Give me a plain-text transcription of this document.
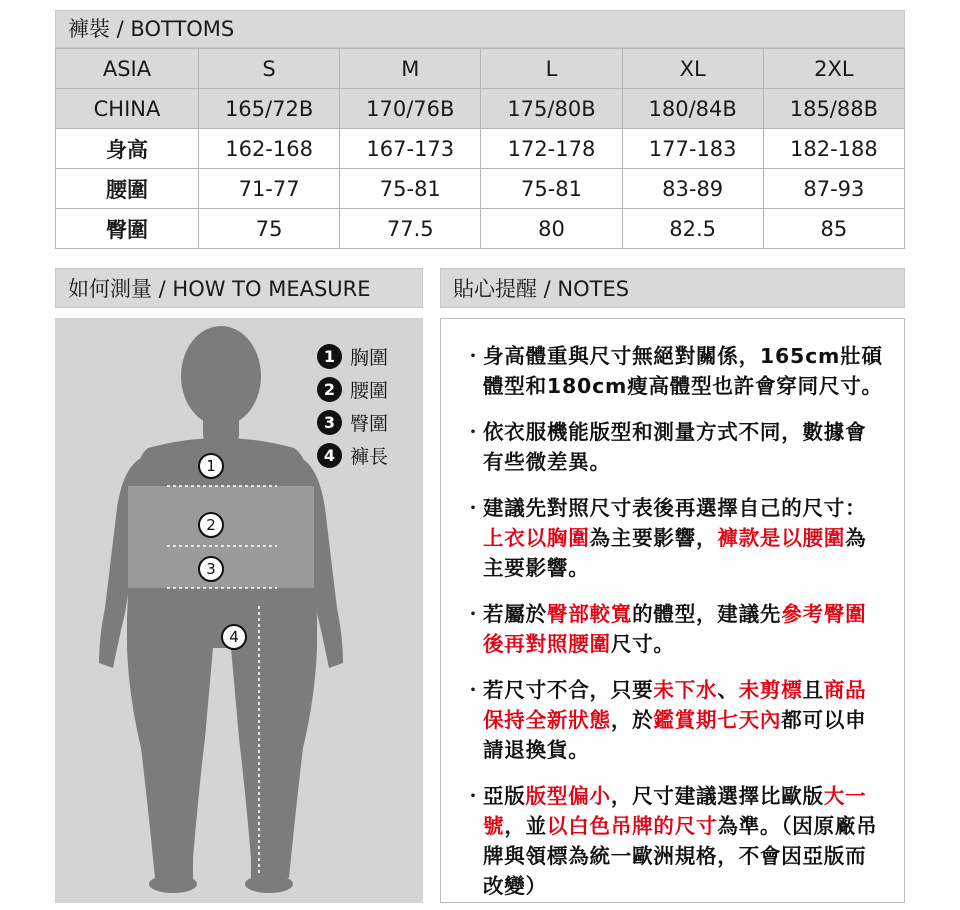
褲裝 / BOTTOMS
ASIA	S	M	L	XL	2XL
CHINA	165/72B	170/76B	175/80B	180/84B	185/88B
身高	162-168	167-173	172-178	177-183	182-188
腰圍	71-77	75-81	75-81	83-89	87-93
臀圍	75	77.5	80	82.5	85
如何測量 / HOW TO MEASURE	貼心提醒 / NOTES
1
2
3
4
1 胸圍
2 腰圍
3 臀圍
4 褲長
・ 身高體重與尺寸無絕對關係，165cm壯碩體型和180cm瘦高體型也許會穿同尺寸。
・ 依衣服機能版型和測量方式不同，數據會有些微差異。
・ 建議先對照尺寸表後再選擇自己的尺寸：上衣以胸圍為主要影響，褲款是以腰圍為主要影響。
・ 若屬於臀部較寬的體型，建議先參考臀圍後再對照腰圍尺寸。
・ 若尺寸不合，只要未下水、未剪標且商品保持全新狀態，於鑑賞期七天內都可以申請退換貨。
・ 亞版版型偏小，尺寸建議選擇比歐版大一號，並以白色吊牌的尺寸為準。（因原廠吊牌與領標為統一歐洲規格，不會因亞版而改變）
